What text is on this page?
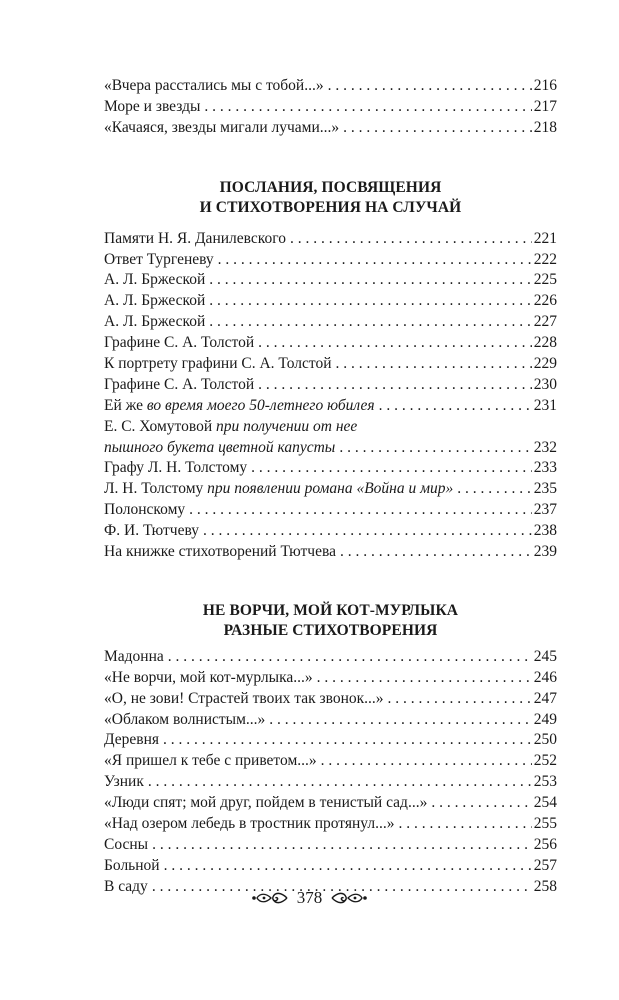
«Вчера расстались мы с тобой...» . . .	216
Море и звезды . . .	217
«Качаяся, звезды мигали лучами...» . . .	218
ПОСЛАНИЯ, ПОСВЯЩЕНИЯ
И СТИХОТВОРЕНИЯ НА СЛУЧАЙ
Памяти Н. Я. Данилевского . . .	221
Ответ Тургеневу . . .	222
А. Л. Бржеской . . .	225
А. Л. Бржеской . . .	226
А. Л. Бржеской . . .	227
Графине С. А. Толстой . . .	228
К портрету графини С. А. Толстой . . .	229
Графине С. А. Толстой . . .	230
Ей же во время моего 50-летнего юбилея . . .	231
Е. С. Хомутовой при получении от нее
пышного букета цветной капусты . . .	232
Графу Л. Н. Толстому . . .	233
Л. Н. Толстому при появлении романа «Война и мир» . . .	235
Полонскому . . .	237
Ф. И. Тютчеву . . .	238
На книжке стихотворений Тютчева . . .	239
НЕ ВОРЧИ, МОЙ КОТ-МУРЛЫКА
РАЗНЫЕ СТИХОТВОРЕНИЯ
Мадонна . . .	245
«Не ворчи, мой кот-мурлыка...» . . .	246
«О, не зови! Страстей твоих так звонок...» . . .	247
«Облаком волнистым...» . . .	249
Деревня . . .	250
«Я пришел к тебе с приветом...» . . .	252
Узник . . .	253
«Люди спят; мой друг, пойдем в тенистый сад...» . . .	254
«Над озером лебедь в тростник протянул...» . . .	255
Сосны . . .	256
Больной . . .	257
В саду . . .	258
378
